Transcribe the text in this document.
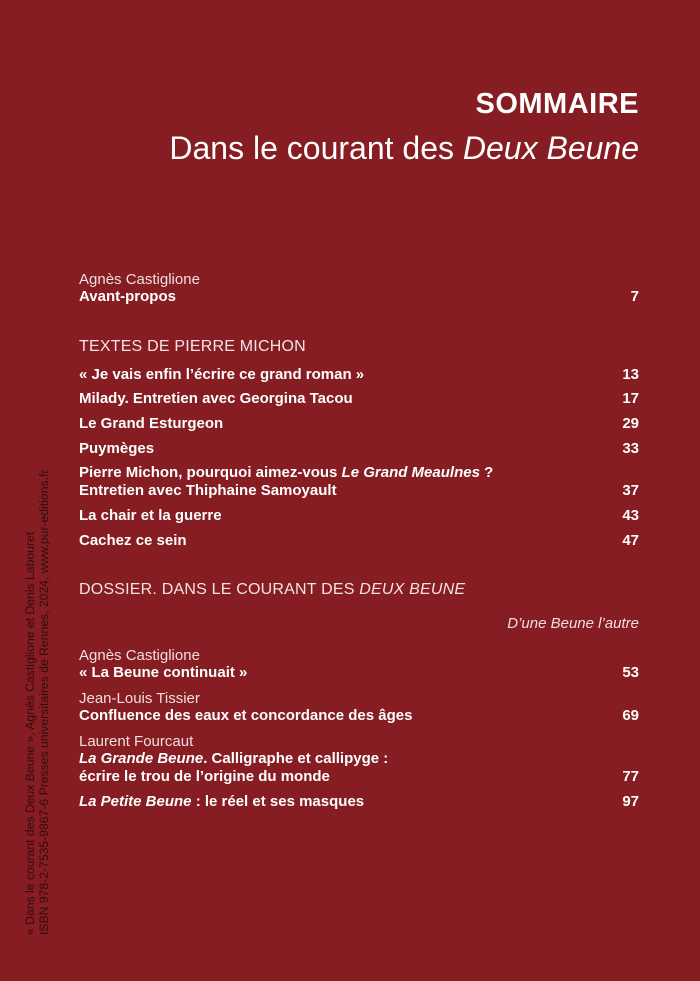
SOMMAIRE
Dans le courant des Deux Beune
Agnès Castiglione
Avant-propos	7
TEXTES DE PIERRE MICHON
« Je vais enfin l’écrire ce grand roman »	13
Milady. Entretien avec Georgina Tacou	17
Le Grand Esturgeon	29
Puymèges	33
Pierre Michon, pourquoi aimez-vous Le Grand Meaulnes ?
Entretien avec Thiphaine Samoyault	37
La chair et la guerre	43
Cachez ce sein	47
DOSSIER. DANS LE COURANT DES DEUX BEUNE
D’une Beune l’autre
Agnès Castiglione
« La Beune continuait »	53
Jean-Louis Tissier
Confluence des eaux et concordance des âges	69
Laurent Fourcaut
La Grande Beune. Calligraphe et callipyge :
écrire le trou de l’origine du monde	77
La Petite Beune : le réel et ses masques	97
« Dans le courant des Deux Beune », Agnès Castiglione et Denis Labouret ISBN 978-2-7535-9867-6 Presses universitaires de Rennes, 2024, www.pur-editions.fr
